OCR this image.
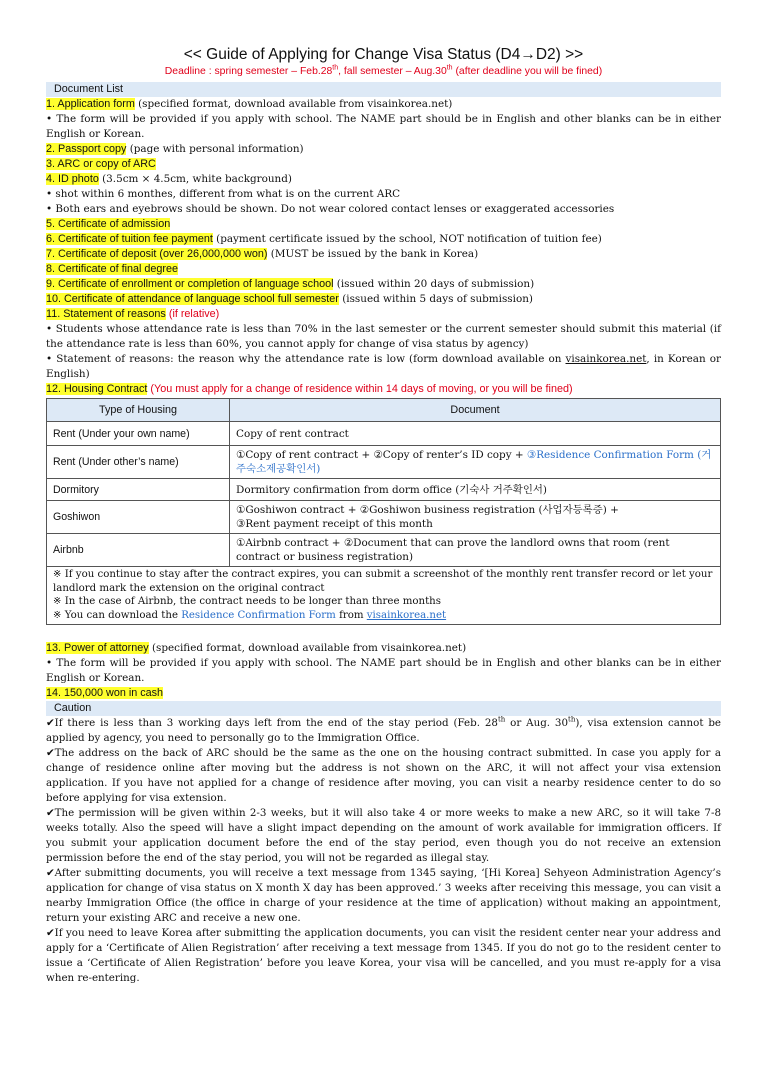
<< Guide of Applying for Change Visa Status (D4→D2) >>
Deadline : spring semester – Feb.28th, fall semester – Aug.30th (after deadline you will be fined)
Document List
1. Application form (specified format, download available from visainkorea.net)
• The form will be provided if you apply with school. The NAME part should be in English and other blanks can be in either English or Korean.
2. Passport copy (page with personal information)
3. ARC or copy of ARC
4. ID photo (3.5cm × 4.5cm, white background)
• shot within 6 monthes, different from what is on the current ARC
• Both ears and eyebrows should be shown. Do not wear colored contact lenses or exaggerated accessories
5. Certificate of admission
6. Certificate of tuition fee payment (payment certificate issued by the school, NOT notification of tuition fee)
7. Certificate of deposit (over 26,000,000 won) (MUST be issued by the bank in Korea)
8. Certificate of final degree
9. Certificate of enrollment or completion of language school (issued within 20 days of submission)
10. Certificate of attendance of language school full semester (issued within 5 days of submission)
11. Statement of reasons (if relative)
• Students whose attendance rate is less than 70% in the last semester or the current semester should submit this material (if the attendance rate is less than 60%, you cannot apply for change of visa status by agency)
• Statement of reasons: the reason why the attendance rate is low (form download available on visainkorea.net, in Korean or English)
12. Housing Contract (You must apply for a change of residence within 14 days of moving, or you will be fined)
Type of Housing	Document
Rent (Under your own name)	Copy of rent contract
Rent (Under other’s name)	①Copy of rent contract + ②Copy of renter’s ID copy + ③Residence Confirmation Form (거주숙소제공확인서)
Dormitory	Dormitory confirmation from dorm office (기숙사 거주확인서)
Goshiwon	①Goshiwon contract + ②Goshiwon business registration (사업자등록증) +
③Rent payment receipt of this month

Airbnb	①Airbnb contract + ②Document that can prove the landlord owns that room (rent contract or business registration)
※ If you continue to stay after the contract expires, you can submit a screenshot of the monthly rent transfer record or let your landlord mark the extension on the original contract
※ In the case of Airbnb, the contract needs to be longer than three months
※ You can download the Residence Confirmation Form from visainkorea.net
13. Power of attorney (specified format, download available from visainkorea.net)
• The form will be provided if you apply with school. The NAME part should be in English and other blanks can be in either English or Korean.
14. 150,000 won in cash
Caution
✔If there is less than 3 working days left from the end of the stay period (Feb. 28th or Aug. 30th), visa extension cannot be applied by agency, you need to personally go to the Immigration Office.
✔The address on the back of ARC should be the same as the one on the housing contract submitted. In case you apply for a change of residence online after moving but the address is not shown on the ARC, it will not affect your visa extension application. If you have not applied for a change of residence after moving, you can visit a nearby residence center to do so before applying for visa extension.
✔The permission will be given within 2-3 weeks, but it will also take 4 or more weeks to make a new ARC, so it will take 7-8 weeks totally. Also the speed will have a slight impact depending on the amount of work available for immigration officers. If you submit your application document before the end of the stay period, even though you do not receive an extension permission before the end of the stay period, you will not be regarded as illegal stay.
✔After submitting documents, you will receive a text message from 1345 saying, ‘[Hi Korea] Sehyeon Administration Agency’s application for change of visa status on X month X day has been approved.’ 3 weeks after receiving this message, you can visit a nearby Immigration Office (the office in charge of your residence at the time of application) without making an appointment, return your existing ARC and receive a new one.
✔If you need to leave Korea after submitting the application documents, you can visit the resident center near your address and apply for a ‘Certificate of Alien Registration’ after receiving a text message from 1345. If you do not go to the resident center to issue a ‘Certificate of Alien Registration’ before you leave Korea, your visa will be cancelled, and you must re-apply for a visa when re-entering.
